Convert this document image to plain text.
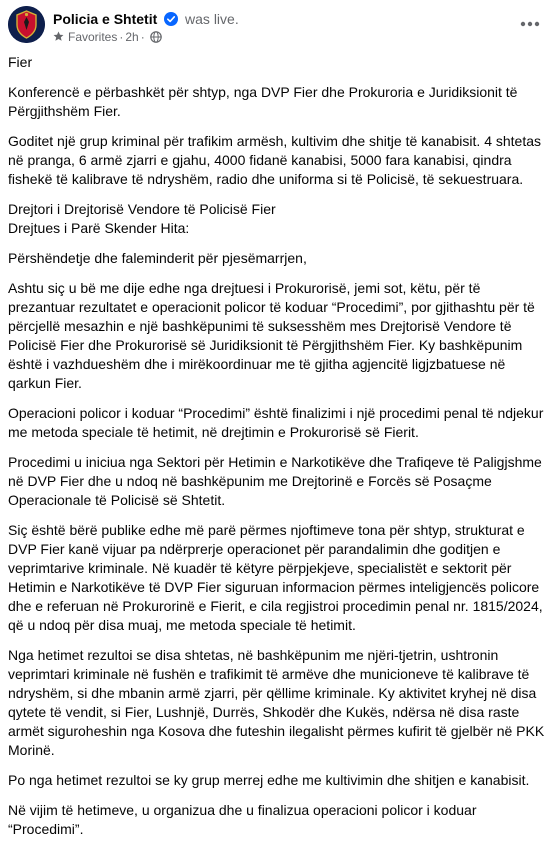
Policia e Shtetit was live.
Favorites · 2h ·

Fier

Konferencë e përbashkët për shtyp, nga DVP Fier dhe Prokuroria e Juridiksionit të Përgjithshëm Fier.

Goditet një grup kriminal për trafikim armësh, kultivim dhe shitje të kanabisit. 4 shtetas në pranga, 6 armë zjarri e gjahu, 4000 fidanë kanabisi, 5000 fara kanabisi, qindra fishekë të kalibrave të ndryshëm, radio dhe uniforma si të Policisë, të sekuestruara.

Drejtori i Drejtorisë Vendore të Policisë Fier

Drejtues i Parë Skender Hita:

Përshëndetje dhe faleminderit për pjesëmarrjen,

Ashtu siç u bë me dije edhe nga drejtuesi i Prokurorisë, jemi sot, këtu, për të prezantuar rezultatet e operacionit policor të koduar “Procedimi”, por gjithashtu për të përcjellë mesazhin e një bashkëpunimi të suksesshëm mes Drejtorisë Vendore të Policisë Fier dhe Prokurorisë së Juridiksionit të Përgjithshëm Fier. Ky bashkëpunim është i vazhdueshëm dhe i mirëkoordinuar me të gjitha agjencitë ligjzbatuese në qarkun Fier.

Operacioni policor i koduar “Procedimi” është finalizimi i një procedimi penal të ndjekur me metoda speciale të hetimit, në drejtimin e Prokurorisë së Fierit.

Procedimi u iniciua nga Sektori për Hetimin e Narkotikëve dhe Trafiqeve të Paligjshme në DVP Fier dhe u ndoq në bashkëpunim me Drejtorinë e Forcës së Posaçme Operacionale të Policisë së Shtetit.

Siç është bërë publike edhe më parë përmes njoftimeve tona për shtyp, strukturat e DVP Fier kanë vijuar pa ndërprerje operacionet për parandalimin dhe goditjen e veprimtarive kriminale. Në kuadër të këtyre përpjekjeve, specialistët e sektorit për Hetimin e Narkotikëve të DVP Fier siguruan informacion përmes inteligjencës policore dhe e referuan në Prokurorinë e Fierit, e cila regjistroi procedimin penal nr. 1815/2024, që u ndoq për disa muaj, me metoda speciale të hetimit.

Nga hetimet rezultoi se disa shtetas, në bashkëpunim me njëri-tjetrin, ushtronin veprimtari kriminale në fushën e trafikimit të armëve dhe municioneve të kalibrave të ndryshëm, si dhe mbanin armë zjarri, për qëllime kriminale. Ky aktivitet kryhej në disa qytete të vendit, si Fier, Lushnjë, Durrës, Shkodër dhe Kukës, ndërsa në disa raste armët siguroheshin nga Kosova dhe futeshin ilegalisht përmes kufirit të gjelbër në PKK Morinë.

Po nga hetimet rezultoi se ky grup merrej edhe me kultivimin dhe shitjen e kanabisit.

Në vijim të hetimeve, u organizua dhe u finalizua operacioni policor i koduar “Procedimi”.
